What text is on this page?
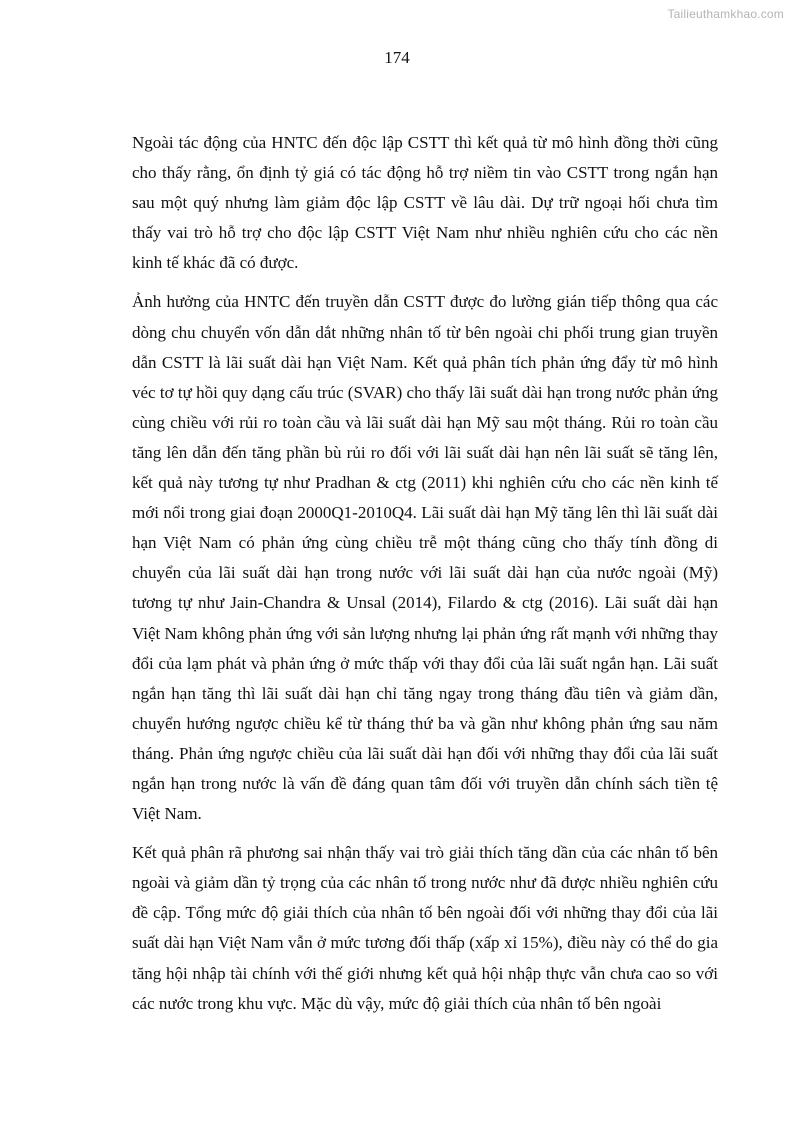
Tailieuthamkhao.com
174

Ngoài tác động của HNTC đến độc lập CSTT thì kết quả từ mô hình đồng thời cũng cho thấy rằng, ổn định tỷ giá có tác động hỗ trợ niềm tin vào CSTT trong ngắn hạn sau một quý nhưng làm giảm độc lập CSTT về lâu dài. Dự trữ ngoại hối chưa tìm thấy vai trò hỗ trợ cho độc lập CSTT Việt Nam như nhiều nghiên cứu cho các nền kinh tế khác đã có được.

Ảnh hưởng của HNTC đến truyền dẫn CSTT được đo lường gián tiếp thông qua các dòng chu chuyển vốn dẫn dắt những nhân tố từ bên ngoài chi phối trung gian truyền dẫn CSTT là lãi suất dài hạn Việt Nam. Kết quả phân tích phản ứng đẩy từ mô hình véc tơ tự hồi quy dạng cấu trúc (SVAR) cho thấy lãi suất dài hạn trong nước phản ứng cùng chiều với rủi ro toàn cầu và lãi suất dài hạn Mỹ sau một tháng. Rủi ro toàn cầu tăng lên dẫn đến tăng phần bù rủi ro đối với lãi suất dài hạn nên lãi suất sẽ tăng lên, kết quả này tương tự như Pradhan & ctg (2011) khi nghiên cứu cho các nền kinh tế mới nổi trong giai đoạn 2000Q1-2010Q4. Lãi suất dài hạn Mỹ tăng lên thì lãi suất dài hạn Việt Nam có phản ứng cùng chiều trễ một tháng cũng cho thấy tính đồng di chuyển của lãi suất dài hạn trong nước với lãi suất dài hạn của nước ngoài (Mỹ) tương tự như Jain-Chandra & Unsal (2014), Filardo & ctg (2016). Lãi suất dài hạn Việt Nam không phản ứng với sản lượng nhưng lại phản ứng rất mạnh với những thay đổi của lạm phát và phản ứng ở mức thấp với thay đổi của lãi suất ngắn hạn. Lãi suất ngắn hạn tăng thì lãi suất dài hạn chỉ tăng ngay trong tháng đầu tiên và giảm dần, chuyển hướng ngược chiều kể từ tháng thứ ba và gần như không phản ứng sau năm tháng. Phản ứng ngược chiều của lãi suất dài hạn đối với những thay đổi của lãi suất ngắn hạn trong nước là vấn đề đáng quan tâm đối với truyền dẫn chính sách tiền tệ Việt Nam.

Kết quả phân rã phương sai nhận thấy vai trò giải thích tăng dần của các nhân tố bên ngoài và giảm dần tỷ trọng của các nhân tố trong nước như đã được nhiều nghiên cứu đề cập. Tổng mức độ giải thích của nhân tố bên ngoài đối với những thay đổi của lãi suất dài hạn Việt Nam vẫn ở mức tương đối thấp (xấp xỉ 15%), điều này có thể do gia tăng hội nhập tài chính với thế giới nhưng kết quả hội nhập thực vẫn chưa cao so với các nước trong khu vực. Mặc dù vậy, mức độ giải thích của nhân tố bên ngoài
